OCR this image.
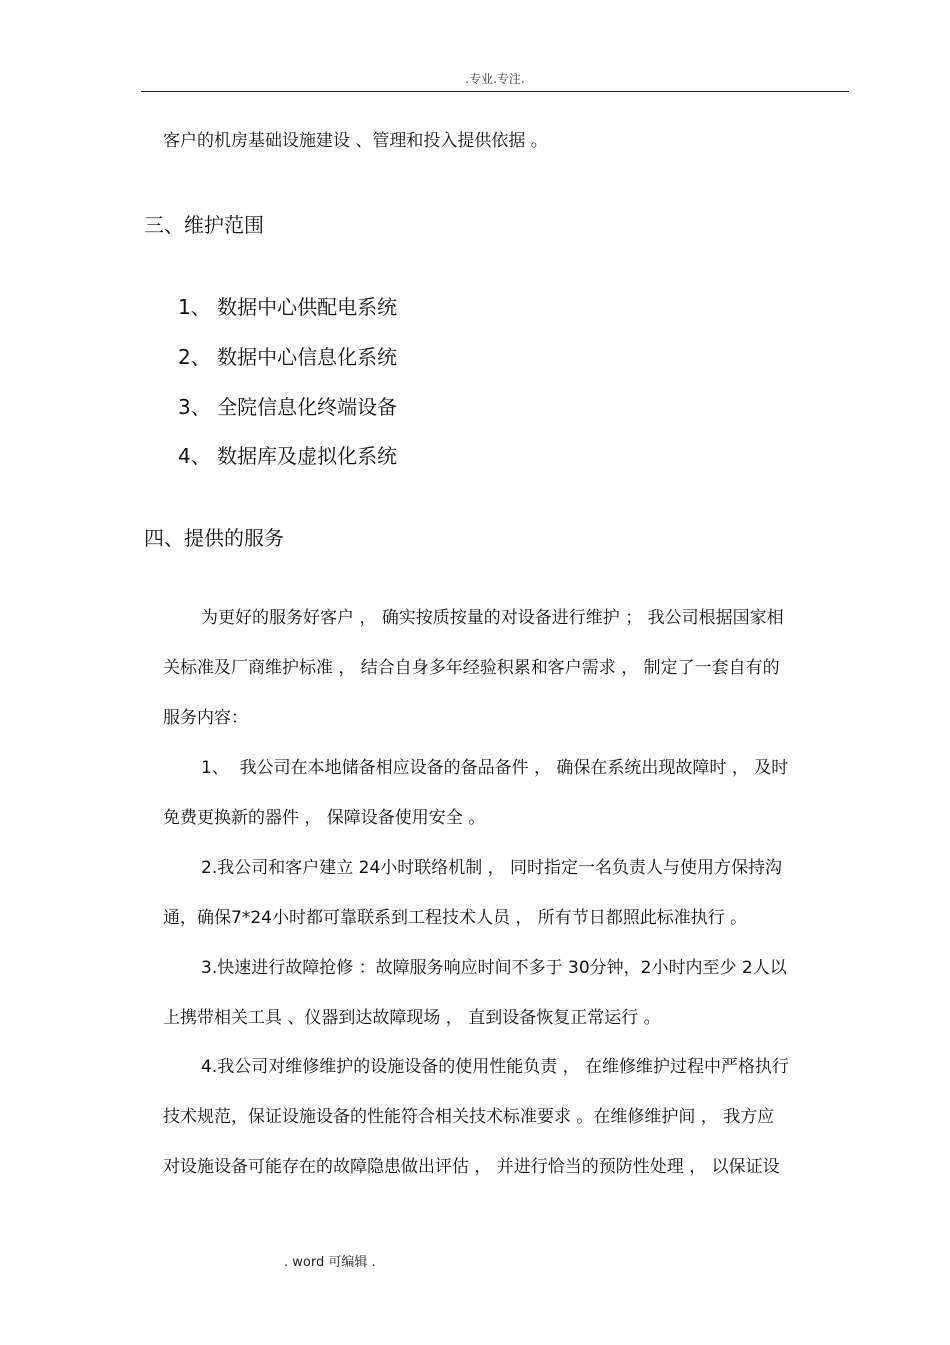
.专业.专注.
客户的机房基础设施建设 、管理和投入提供依据 。
三、维护范围
1、 数据中心供配电系统
2、 数据中心信息化系统
3、 全院信息化终端设备
4、 数据库及虚拟化系统
四、提供的服务
为更好的服务好客户 ， 确实按质按量的对设备进行维护 ； 我公司根据国家相
关标准及厂商维护标准 ， 结合自身多年经验积累和客户需求 ， 制定了一套自有的
服务内容：
1、  我公司在本地储备相应设备的备品备件 ， 确保在系统出现故障时 ， 及时
免费更换新的器件 ， 保障设备使用安全 。
2.我公司和客户建立 24小时联络机制 ， 同时指定一名负责人与使用方保持沟
通，确保7*24小时都可靠联系到工程技术人员 ， 所有节日都照此标准执行 。
3.快速进行故障抢修 ：故障服务响应时间不多于 30分钟，2小时内至少 2人以
上携带相关工具 、仪器到达故障现场 ， 直到设备恢复正常运行 。
4.我公司对维修维护的设施设备的使用性能负责 ， 在维修维护过程中严格执行
技术规范，保证设施设备的性能符合相关技术标准要求 。在维修维护间 ， 我方应
对设施设备可能存在的故障隐患做出评估 ， 并进行恰当的预防性处理 ， 以保证设
. word 可编辑 .
